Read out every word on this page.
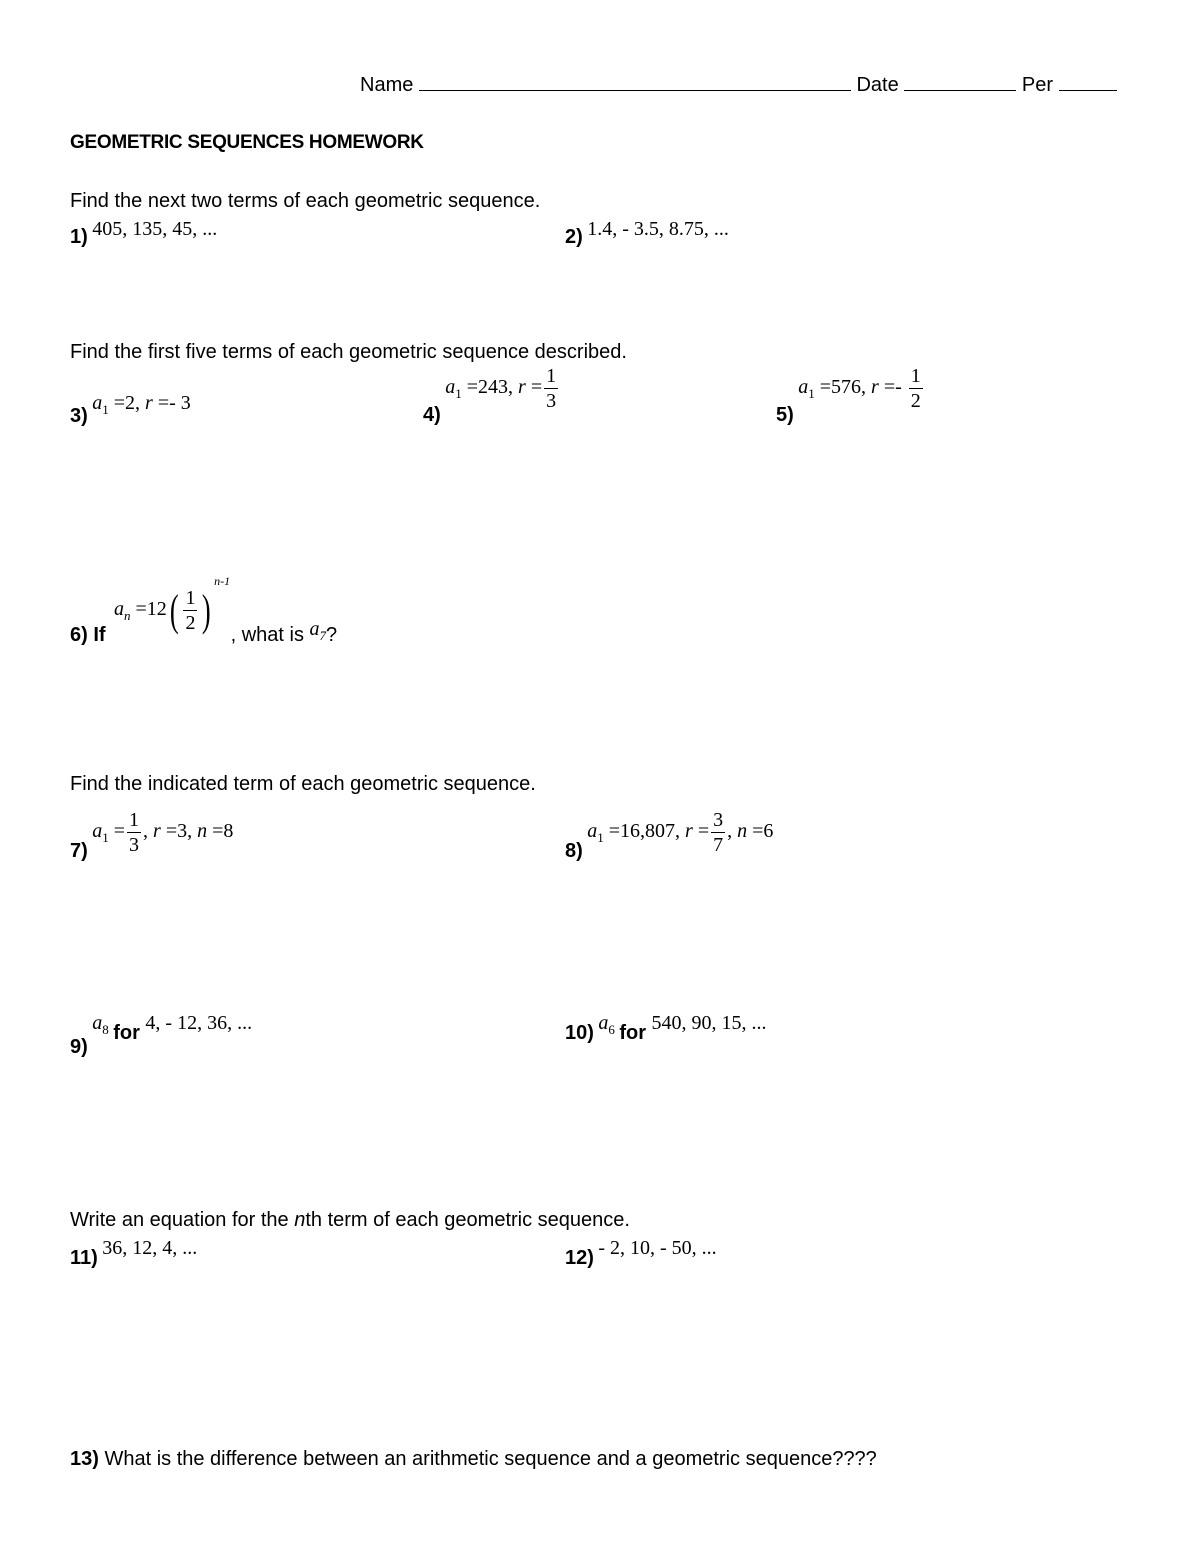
Name	Date	Per
GEOMETRIC SEQUENCES HOMEWORK
Find the next two terms of each geometric sequence.
1) 405, 135, 45, ...	2) 1.4, - 3.5, 8.75, ...
Find the first five terms of each geometric sequence described.
3) $a_1 =2$, r =- 3
4) $a_1 =243$, $r = \frac{1}{3}$
5) $a_1 =576$, $r =- \frac{1}{2}$
6) If $a_n =12( \frac{1}{2} )^{n-1}$ , what is $a_7$?
Find the indicated term of each geometric sequence.
7) $a_1 = \frac{1}{3}$ , r =3, n =8
8) $a_1 =16,807$, $r = \frac{3}{7}$ , n =6
9) $a_8$ for 4, - 12, 36, ...	10) $a_6$ for 540, 90, 15, ...
Write an equation for the nth term of each geometric sequence.
11) 36, 12, 4, ...	12) - 2, 10, - 50, ...
13) What is the difference between an arithmetic sequence and a geometric sequence????
